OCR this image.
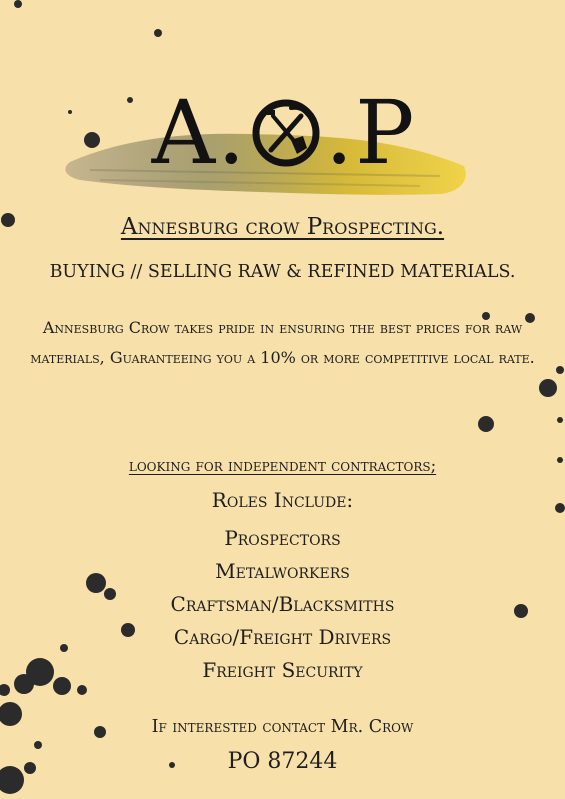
A. .P
Annesburg crow Prospecting.
BUYING // SELLING RAW & REFINED MATERIALS.
Annesburg Crow takes pride in ensuring the best prices for raw materials, Guaranteeing you a 10% or more competitive local rate.
looking for independent contractors;
Roles Include:
Prospectors
Metalworkers
Craftsman/Blacksmiths
Cargo/Freight Drivers
Freight Security
If interested contact Mr. Crow
PO 87244
